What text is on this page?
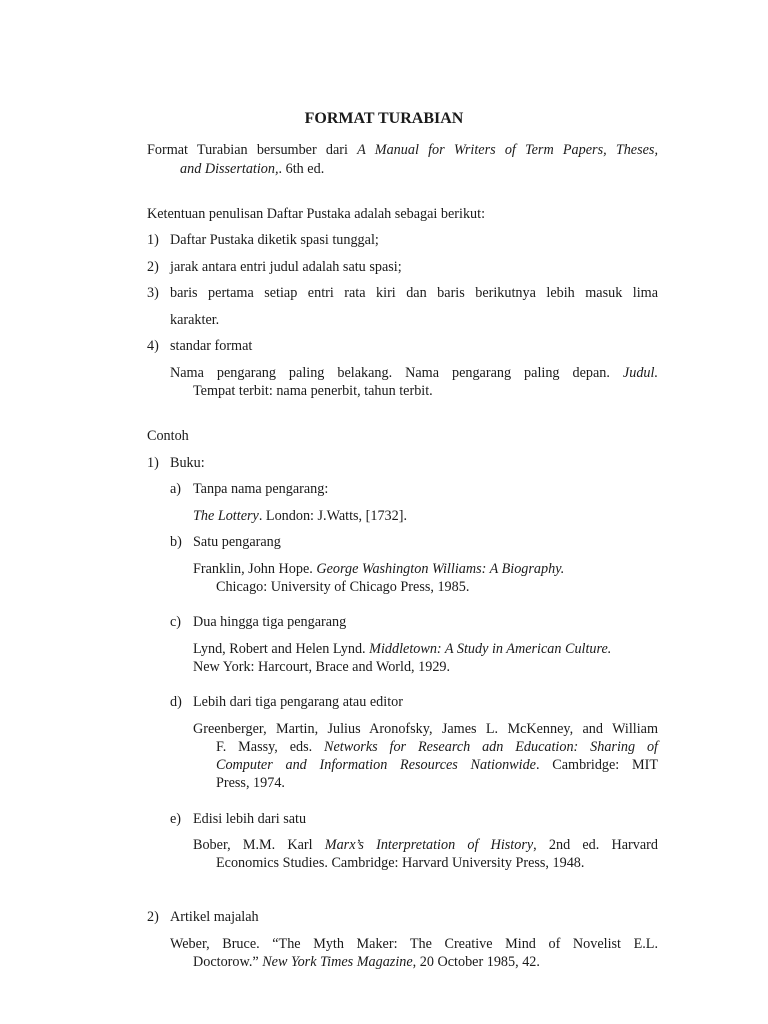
FORMAT TURABIAN
Format Turabian bersumber dari A Manual for Writers of Term Papers, Theses,
and Dissertation,. 6th ed.
Ketentuan penulisan Daftar Pustaka adalah sebagai berikut:
1) Daftar Pustaka diketik spasi tunggal;
2) jarak antara entri judul adalah satu spasi;
3) baris pertama setiap entri rata kiri dan baris berikutnya lebih masuk lima
karakter.
4) standar format
Nama pengarang paling belakang. Nama pengarang paling depan. Judul.
Tempat terbit: nama penerbit, tahun terbit.
Contoh
1) Buku:
a) Tanpa nama pengarang:
The Lottery. London: J.Watts, [1732].
b) Satu pengarang
Franklin, John Hope. George Washington Williams: A Biography.
Chicago: University of Chicago Press, 1985.
c) Dua hingga tiga pengarang
Lynd, Robert and Helen Lynd. Middletown: A Study in American Culture.
New York: Harcourt, Brace and World, 1929.
d) Lebih dari tiga pengarang atau editor
Greenberger, Martin, Julius Aronofsky, James L. McKenney, and William
F. Massy, eds. Networks for Research adn Education: Sharing of
Computer and Information Resources Nationwide. Cambridge: MIT
Press, 1974.
e) Edisi lebih dari satu
Bober, M.M. Karl Marx’s Interpretation of History, 2nd ed. Harvard
Economics Studies. Cambridge: Harvard University Press, 1948.
2) Artikel majalah
Weber, Bruce. “The Myth Maker: The Creative Mind of Novelist E.L.
Doctorow.” New York Times Magazine, 20 October 1985, 42.
